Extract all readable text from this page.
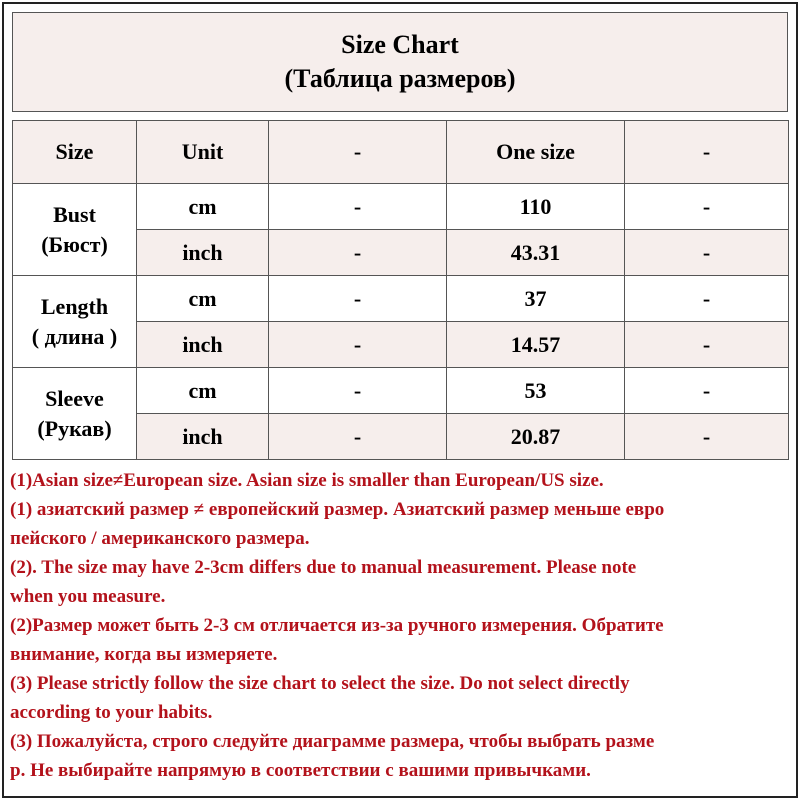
Size Chart
(Таблица размеров)
Size	Unit	-	One size	-

Bust
(Бюст)	cm	-	110	-
	inch	-	43.31	-

Length
( длина )	cm	-	37	-
	inch	-	14.57	-

Sleeve
(Рукав)	cm	-	53	-
	inch	-	20.87	-

(1)Asian size≠European size. Asian size is smaller than European/US size.

(1) азиатский размер ≠ европейский размер. Азиатский размер меньше евро

пейского / американского размера.

(2). The size may have 2-3cm differs due to manual measurement. Please note

when you measure.

(2)Размер может быть 2-3 см отличается из-за ручного измерения. Обратите

внимание, когда вы измеряете.

(3) Please strictly follow the size chart to select the size. Do not select directly

according to your habits.

(3) Пожалуйста, строго следуйте диаграмме размера, чтобы выбрать разме

р. Не выбирайте напрямую в соответствии с вашими привычками.
